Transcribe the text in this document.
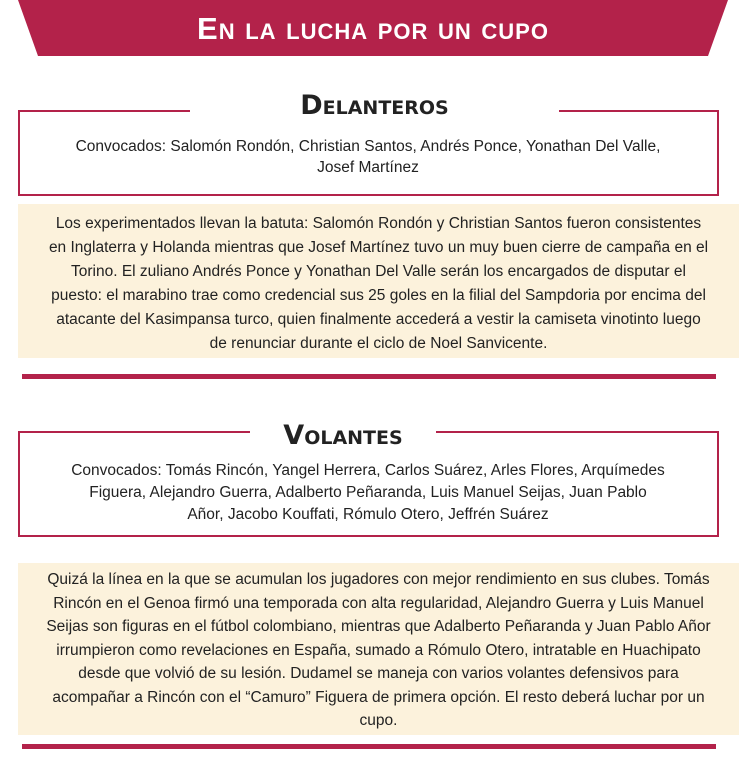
En la lucha por un cupo
Delanteros
Convocados: Salomón Rondón, Christian Santos, Andrés Ponce, Yonathan Del Valle, Josef Martínez
Los experimentados llevan la batuta: Salomón Rondón y Christian Santos fueron consistentes en Inglaterra y Holanda mientras que Josef Martínez tuvo un muy buen cierre de campaña en el Torino. El zuliano Andrés Ponce y Yonathan Del Valle serán los encargados de disputar el puesto: el marabino trae como credencial sus 25 goles en la filial del Sampdoria por encima del atacante del Kasimpansa turco, quien finalmente accederá a vestir la camiseta vinotinto luego de renunciar durante el ciclo de Noel Sanvicente.
Volantes
Convocados: Tomás Rincón, Yangel Herrera, Carlos Suárez, Arles Flores, Arquímedes Figuera, Alejandro Guerra, Adalberto Peñaranda, Luis Manuel Seijas, Juan Pablo Añor, Jacobo Kouffati, Rómulo Otero, Jeffrén Suárez
Quizá la línea en la que se acumulan los jugadores con mejor rendimiento en sus clubes. Tomás Rincón en el Genoa firmó una temporada con alta regularidad, Alejandro Guerra y Luis Manuel Seijas son figuras en el fútbol colombiano, mientras que Adalberto Peñaranda y Juan Pablo Añor irrumpieron como revelaciones en España, sumado a Rómulo Otero, intratable en Huachipato desde que volvió de su lesión. Dudamel se maneja con varios volantes defensivos para acompañar a Rincón con el “Camuro” Figuera de primera opción. El resto deberá luchar por un cupo.
